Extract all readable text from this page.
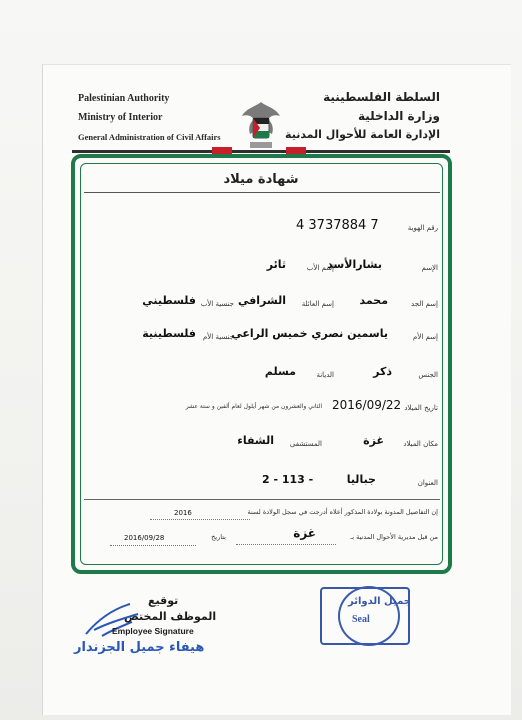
Palestinian Authority
Ministry of Interior
General Administration of Civil Affairs
السلطة الفلسطينية
وزارة الداخلية
الإدارة العامة للأحوال المدنية
شهادة ميلاد
رقم الهوية
4 3737884 7
الإسم
بشارالأسد
إسم الأب
ثائر
إسم الجد
محمد
إسم العائلة
الشرافي
جنسية الأب
فلسطيني
إسم الأم
ياسمين نصري خميس الراعي
جنسية الأم
فلسطينية
الجنس
ذكر
الديانة
مسلم
تاريخ الميلاد
2016/09/22
الثاني والعشرون من شهر أيلول لعام ألفين و ستة عشر
مكان الميلاد
غزة
المستشفى
الشفاء
العنوان
جباليا
2 - 113 -
إن التفاصيل المدونة بولادة المذكور أعلاه أدرجت في سجل الولادة لسنة
2016
من قبل مديرية الأحوال المدنية بـ
غزة
بتاريخ
2016/09/28
جميل الدوائر
Seal
توقيع
الموظف المختص
Employee Signature
هيفاء جميل الجزندار
